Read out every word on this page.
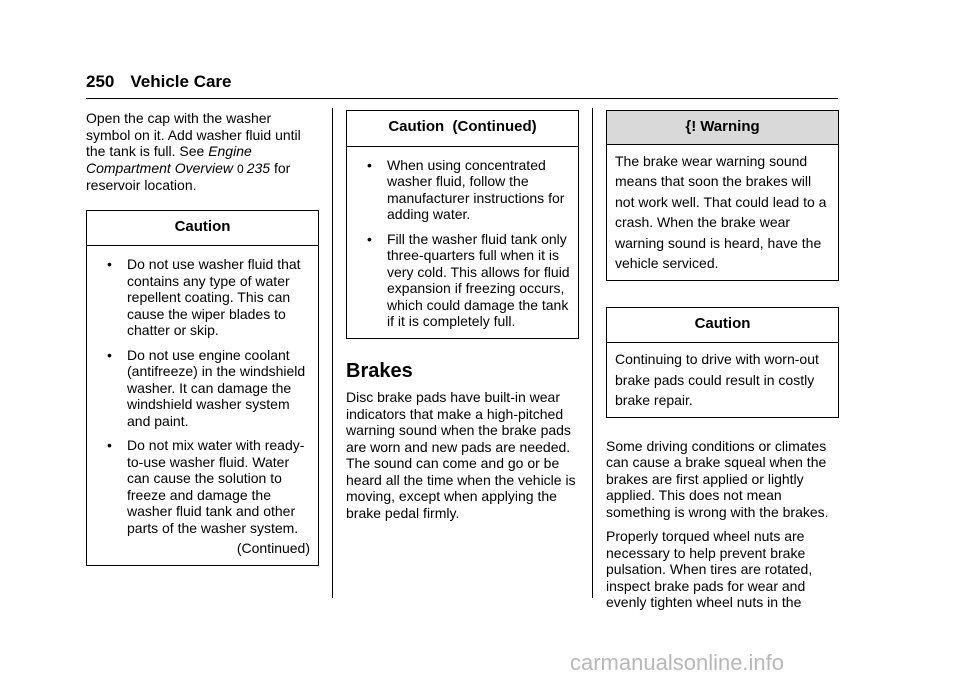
250 Vehicle Care

Open the cap with the washer symbol on it. Add washer fluid until the tank is full. See Engine Compartment Overview 0 235 for reservoir location.

Caution
• Do not use washer fluid that contains any type of water repellent coating. This can cause the wiper blades to chatter or skip.
• Do not use engine coolant (antifreeze) in the windshield washer. It can damage the windshield washer system and paint.
• Do not mix water with ready-to-use washer fluid. Water can cause the solution to freeze and damage the washer fluid tank and other parts of the washer system.
(Continued)
Caution  (Continued)
• When using concentrated washer fluid, follow the manufacturer instructions for adding water.
• Fill the washer fluid tank only three-quarters full when it is very cold. This allows for fluid expansion if freezing occurs, which could damage the tank if it is completely full.
Brakes

Disc brake pads have built-in wear indicators that make a high-pitched warning sound when the brake pads are worn and new pads are needed. The sound can come and go or be heard all the time when the vehicle is moving, except when applying the brake pedal firmly.

{! Warning
The brake wear warning sound means that soon the brakes will not work well. That could lead to a crash. When the brake wear warning sound is heard, have the vehicle serviced.
Caution
Continuing to drive with worn-out brake pads could result in costly brake repair.

Some driving conditions or climates can cause a brake squeal when the brakes are first applied or lightly applied. This does not mean something is wrong with the brakes.

Properly torqued wheel nuts are necessary to help prevent brake pulsation. When tires are rotated, inspect brake pads for wear and evenly tighten wheel nuts in the

carmanualsonline.info
